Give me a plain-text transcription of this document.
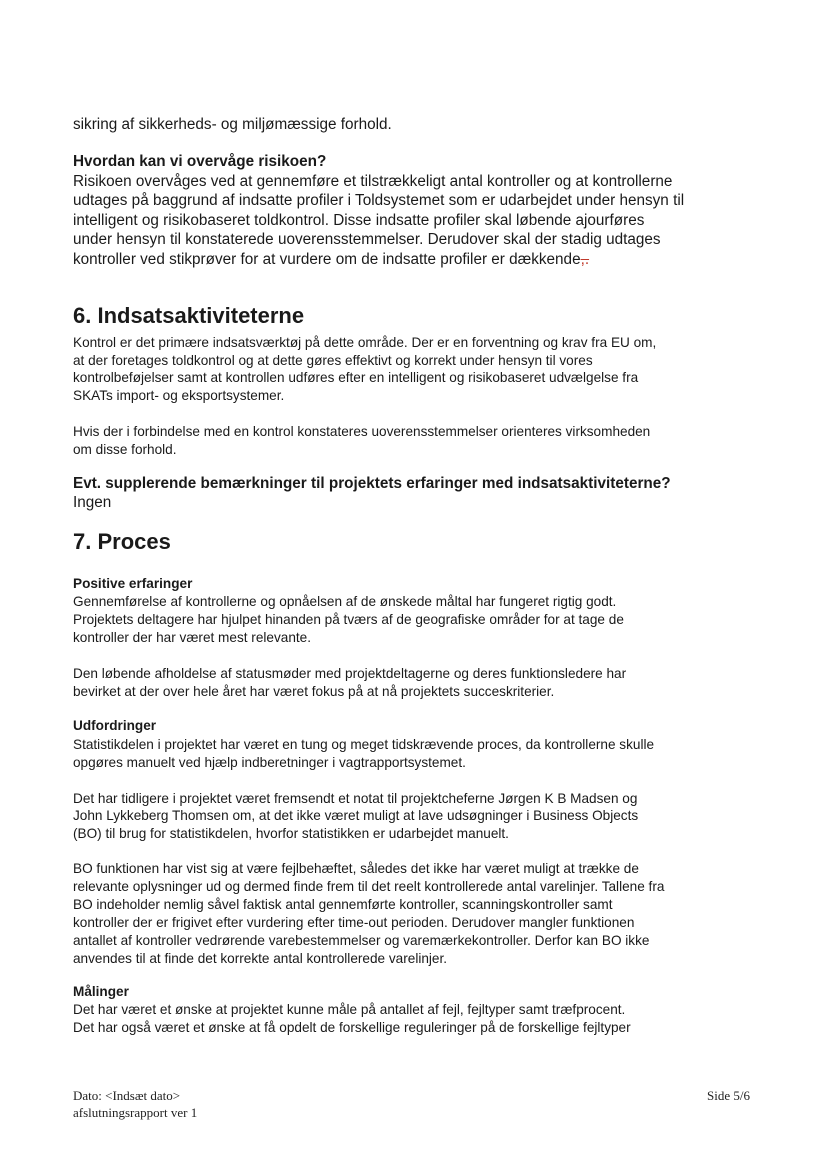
sikring af sikkerheds- og miljømæssige forhold.

Hvordan kan vi overvåge risikoen?

Risikoen overvåges ved at gennemføre et tilstrækkeligt antal kontroller og at kontrollerne

udtages på baggrund af indsatte profiler i Toldsystemet som er udarbejdet under hensyn til

intelligent og risikobaseret toldkontrol. Disse indsatte profiler skal løbende ajourføres

under hensyn til konstaterede uoverensstemmelser. Derudover skal der stadig udtages

kontroller ved stikprøver for at vurdere om de indsatte profiler er dækkende,.

6. Indsatsaktiviteterne

Kontrol er det primære indsatsværktøj på dette område. Der er en forventning og krav fra EU om,

at der foretages toldkontrol og at dette gøres effektivt og korrekt under hensyn til vores

kontrolbeføjelser samt at kontrollen udføres efter en intelligent og risikobaseret udvælgelse fra

SKATs import- og eksportsystemer.

Hvis der i forbindelse med en kontrol konstateres uoverensstemmelser orienteres virksomheden

om disse forhold.

Evt. supplerende bemærkninger til projektets erfaringer med indsatsaktiviteterne?

Ingen

7. Proces

Positive erfaringer

Gennemførelse af kontrollerne og opnåelsen af de ønskede måltal har fungeret rigtig godt.

Projektets deltagere har hjulpet hinanden på tværs af de geografiske områder for at tage de

kontroller der har været mest relevante.

Den løbende afholdelse af statusmøder med projektdeltagerne og deres funktionsledere har

bevirket at der over hele året har været fokus på at nå projektets succeskriterier.

Udfordringer

Statistikdelen i projektet har været en tung og meget tidskrævende proces, da kontrollerne skulle

opgøres manuelt ved hjælp indberetninger i vagtrapportsystemet.

Det har tidligere i projektet været fremsendt et notat til projektcheferne Jørgen K B Madsen og

John Lykkeberg Thomsen om, at det ikke været muligt at lave udsøgninger i Business Objects

(BO) til brug for statistikdelen, hvorfor statistikken er udarbejdet manuelt.

BO funktionen har vist sig at være fejlbehæftet, således det ikke har været muligt at trække de

relevante oplysninger ud og dermed finde frem til det reelt kontrollerede antal varelinjer. Tallene fra

BO indeholder nemlig såvel faktisk antal gennemførte kontroller, scanningskontroller samt

kontroller der er frigivet efter vurdering efter time-out perioden. Derudover mangler funktionen

antallet af kontroller vedrørende varebestemmelser og varemærkekontroller. Derfor kan BO ikke

anvendes til at finde det korrekte antal kontrollerede varelinjer.

Målinger

Det har været et ønske at projektet kunne måle på antallet af fejl, fejltyper samt træfprocent.

Det har også været et ønske at få opdelt de forskellige reguleringer på de forskellige fejltyper

Dato: <Indsæt dato>
afslutningsrapport ver 1
Side 5/6
